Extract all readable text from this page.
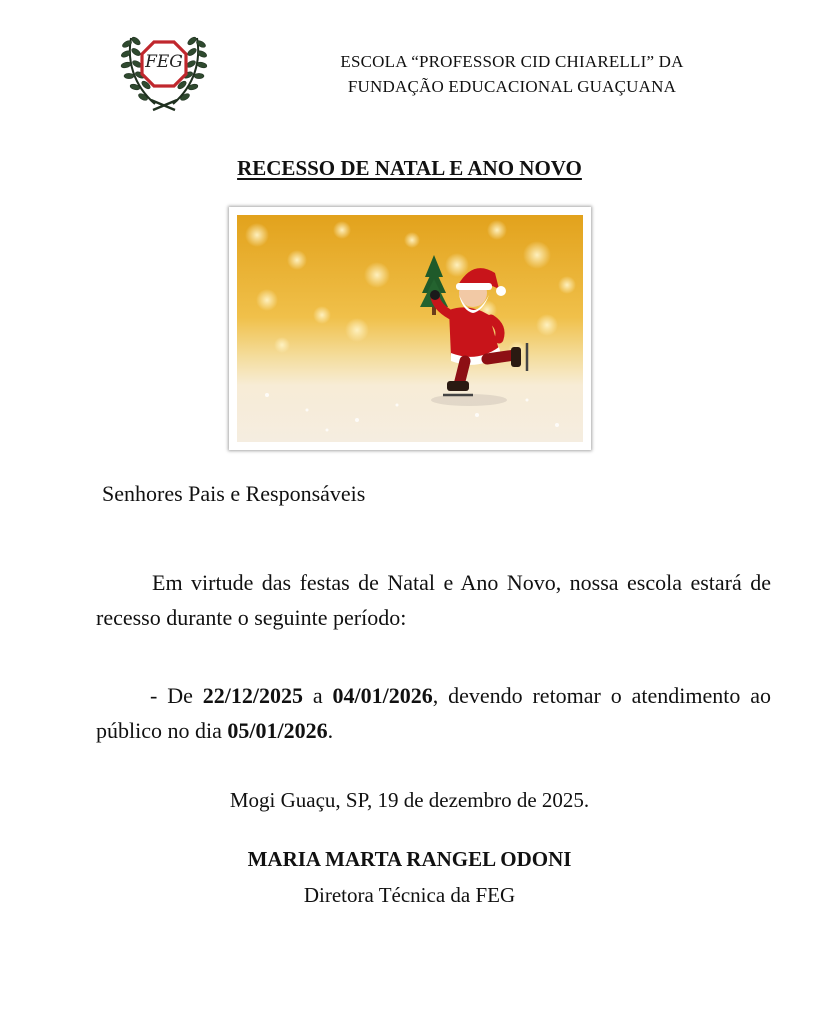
FEG	ESCOLA “PROFESSOR CID CHIARELLI” DA
FUNDAÇÃO EDUCACIONAL GUAÇUANA
RECESSO DE NATAL E ANO NOVO
Senhores Pais e Responsáveis
Em virtude das festas de Natal e Ano Novo, nossa escola estará de recesso durante o seguinte período:
- De 22/12/2025 a 04/01/2026, devendo retomar o atendimento ao público no dia 05/01/2026.
Mogi Guaçu, SP, 19 de dezembro de 2025.
MARIA MARTA RANGEL ODONI
Diretora Técnica da FEG
